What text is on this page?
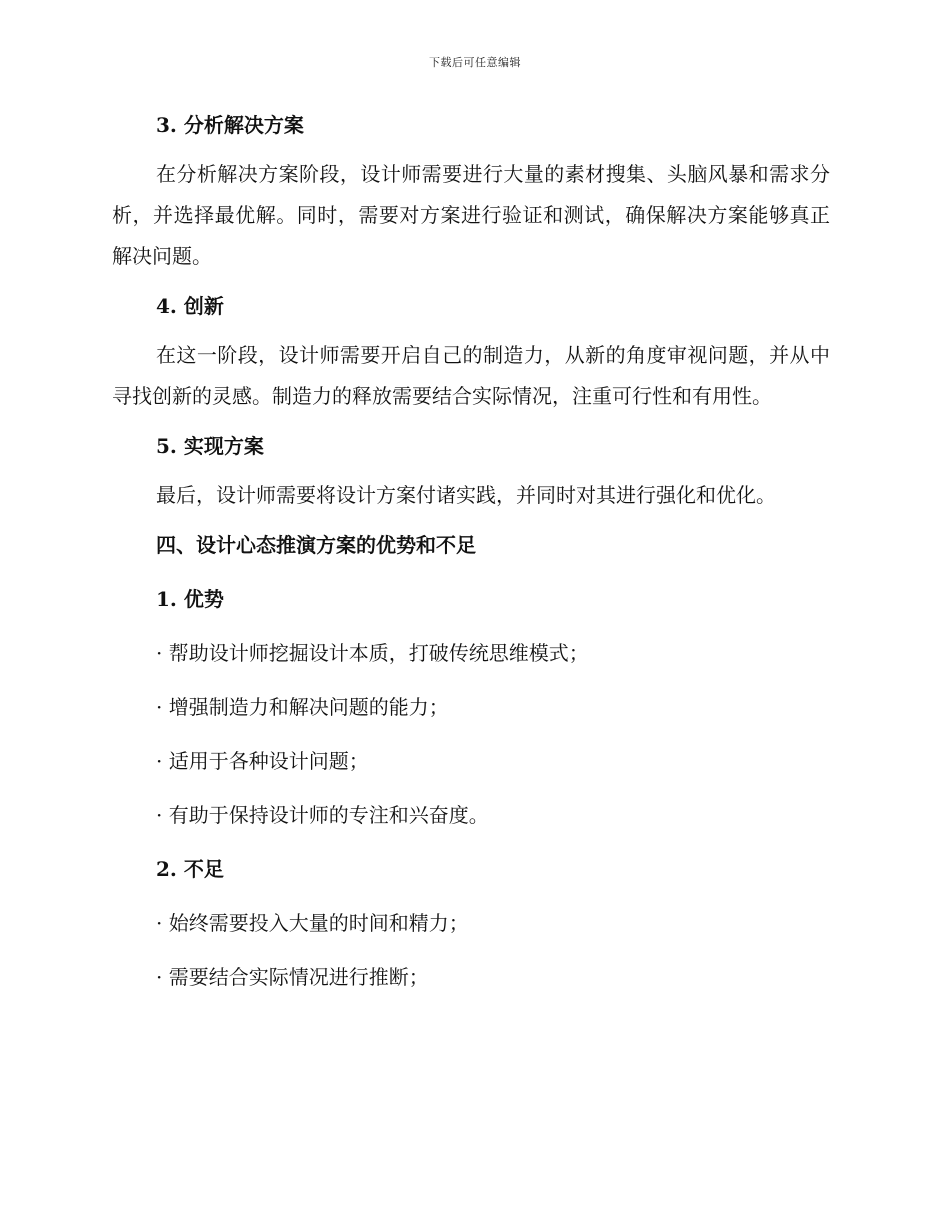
下载后可任意编辑
3. 分析解决方案

在分析解决方案阶段，设计师需要进行大量的素材搜集、头脑风暴和需求分析，并选择最优解。同时，需要对方案进行验证和测试，确保解决方案能够真正解决问题。

4. 创新

在这一阶段，设计师需要开启自己的制造力，从新的角度审视问题，并从中寻找创新的灵感。制造力的释放需要结合实际情况，注重可行性和有用性。

5. 实现方案

最后，设计师需要将设计方案付诸实践，并同时对其进行强化和优化。

四、设计心态推演方案的优势和不足
1. 优势
· 帮助设计师挖掘设计本质，打破传统思维模式；
· 增强制造力和解决问题的能力；
· 适用于各种设计问题；
· 有助于保持设计师的专注和兴奋度。
2. 不足
· 始终需要投入大量的时间和精力；
· 需要结合实际情况进行推断；
